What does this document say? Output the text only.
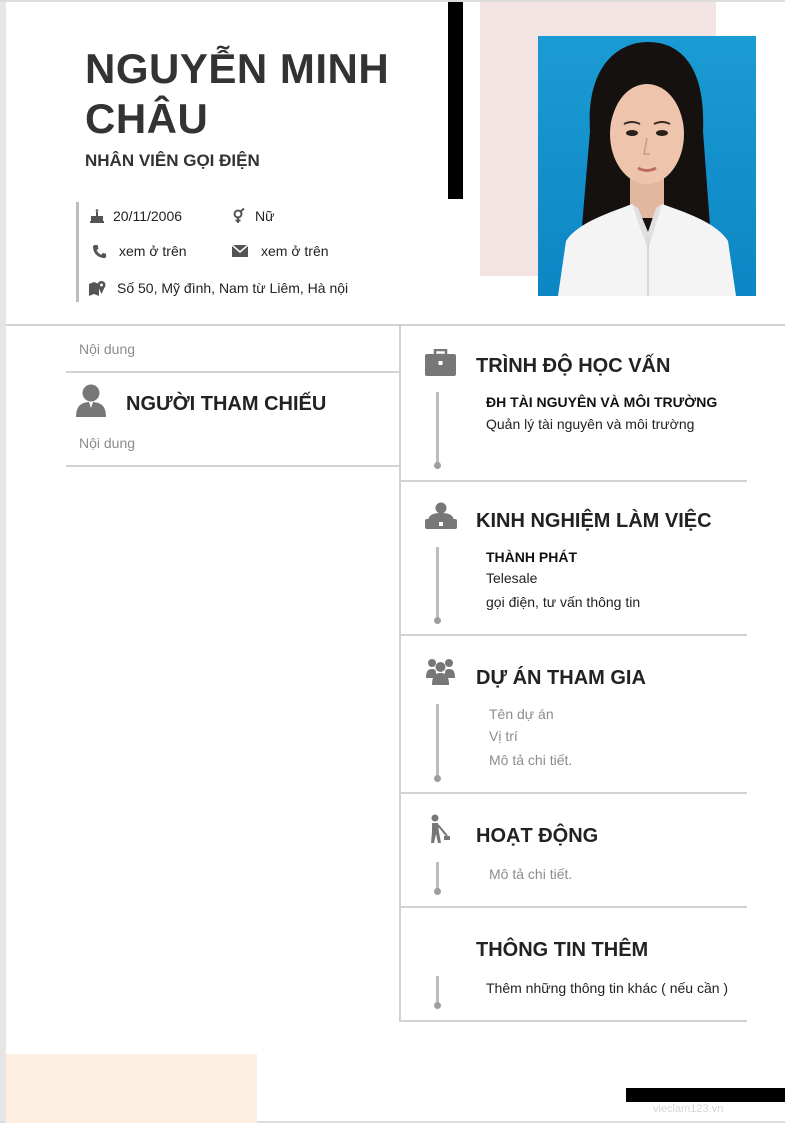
vieclam123.vn
NGUYỄN MINH CHÂU
NHÂN VIÊN GỌI ĐIỆN
20/11/2006	Nữ
xem ở trên	xem ở trên
Số 50, Mỹ đình, Nam từ Liêm, Hà nội
Nội dung
NGƯỜI THAM CHIẾU
Nội dung
TRÌNH ĐỘ HỌC VẤN
ĐH TÀI NGUYÊN VÀ MÔI TRƯỜNG
Quản lý tài nguyên và môi trường
KINH NGHIỆM LÀM VIỆC
THÀNH PHÁT
Telesale
gọi điện, tư vấn thông tin
DỰ ÁN THAM GIA
Tên dự án
Vị trí
Mô tả chi tiết.
HOẠT ĐỘNG
Mô tả chi tiết.
THÔNG TIN THÊM
Thêm những thông tin khác ( nếu cần )
